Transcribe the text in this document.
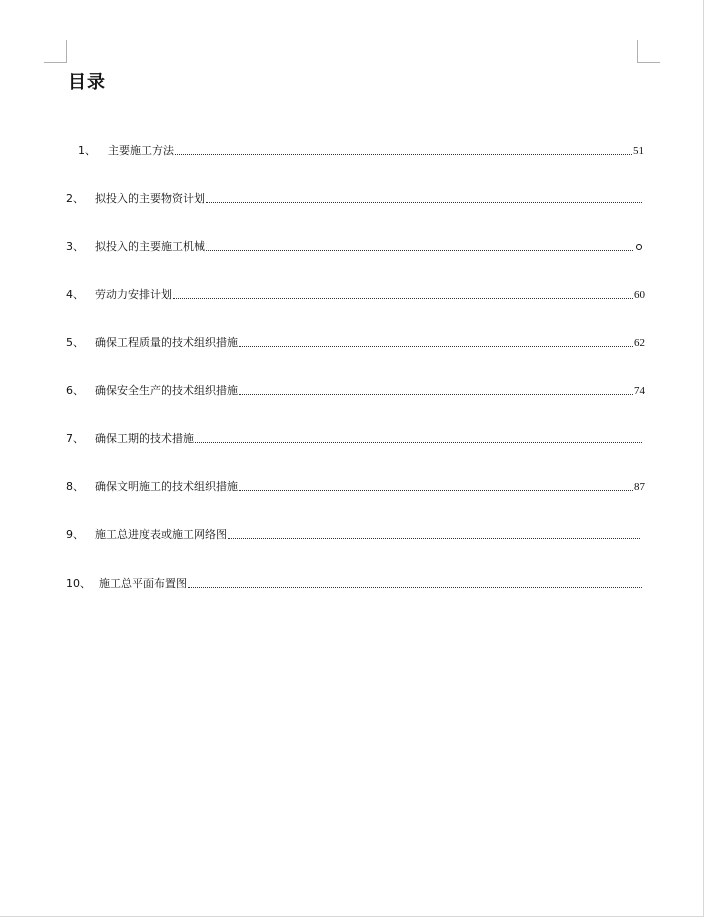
目录
1、 主要施工方法	51
2、 拟投入的主要物资计划
3、 拟投入的主要施工机械
4、 劳动力安排计划	60
5、 确保工程质量的技术组织措施	62
6、 确保安全生产的技术组织措施	74
7、 确保工期的技术措施
8、 确保文明施工的技术组织措施	87
9、 施工总进度表或施工网络图
10、 施工总平面布置图
